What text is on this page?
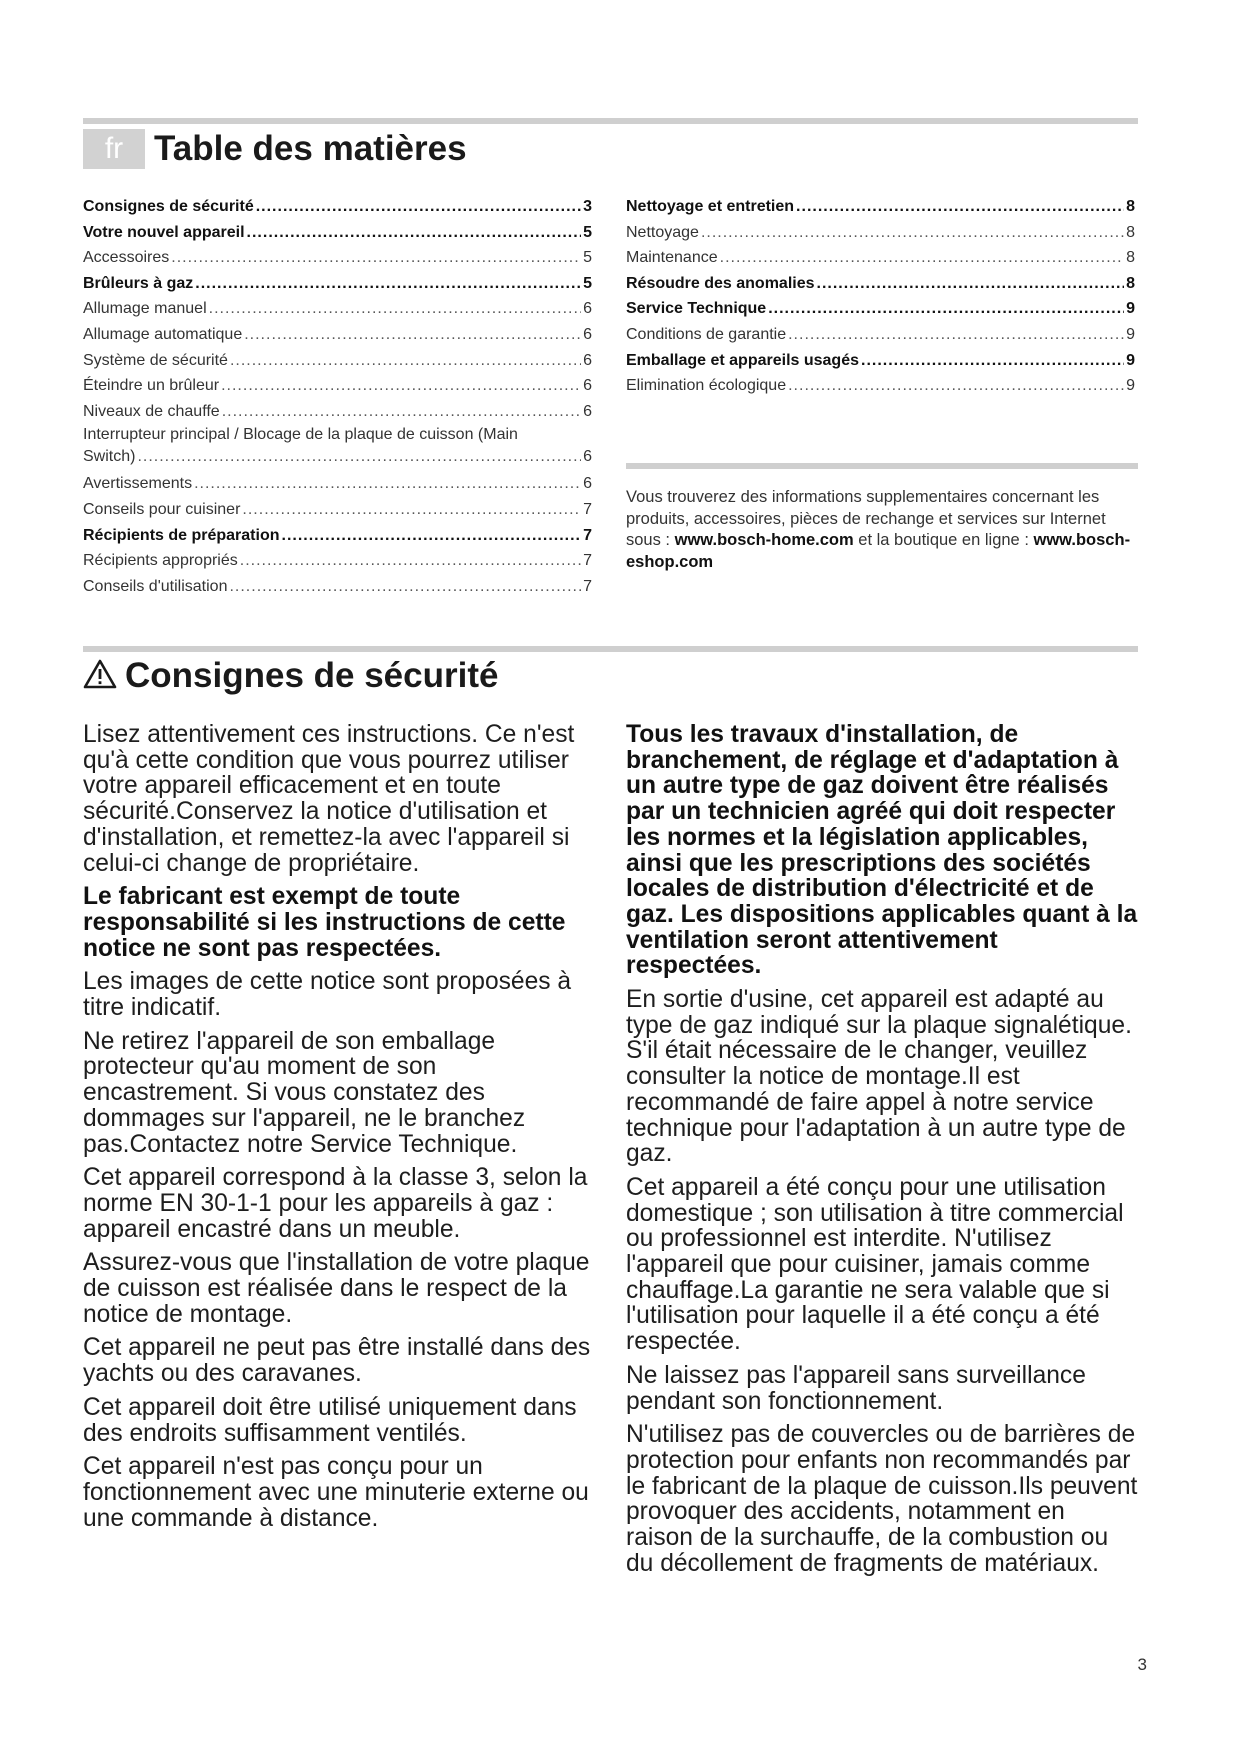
fr Table des matières
Consignes de sécurité .....	3
Votre nouvel appareil .....	5
Accessoires .....	5
Brûleurs à gaz .....	5
Allumage manuel .....	6
Allumage automatique .....	6
Système de sécurité .....	6
Éteindre un brûleur .....	6
Niveaux de chauffe .....	6
Interrupteur principal / Blocage de la plaque de cuisson (Main
Switch) .....	6
Avertissements .....	6
Conseils pour cuisiner .....	7
Récipients de préparation .....	7
Récipients appropriés .....	7
Conseils d'utilisation .....	7
Nettoyage et entretien .....	8
Nettoyage .....	8
Maintenance .....	8
Résoudre des anomalies .....	8
Service Technique .....	9
Conditions de garantie .....	9
Emballage et appareils usagés .....	9
Elimination écologique .....	9
Vous trouverez des informations supplementaires concernant les produits, accessoires, pièces de rechange et services sur Internet sous : www.bosch-home.com et la boutique en ligne : www.bosch-eshop.com
Consignes de sécurité

Lisez attentivement ces instructions. Ce n'est qu'à cette condition que vous pourrez utiliser votre appareil efficacement et en toute sécurité.Conservez la notice d'utilisation et d'installation, et remettez-la avec l'appareil si celui-ci change de propriétaire.

Le fabricant est exempt de toute responsabilité si les instructions de cette notice ne sont pas respectées.

Les images de cette notice sont proposées à titre indicatif.

Ne retirez l'appareil de son emballage protecteur qu'au moment de son encastrement. Si vous constatez des dommages sur l'appareil, ne le branchez pas.Contactez notre Service Technique.

Cet appareil correspond à la classe 3, selon la norme EN 30-1-1 pour les appareils à gaz : appareil encastré dans un meuble.

Assurez-vous que l'installation de votre plaque de cuisson est réalisée dans le respect de la notice de montage.

Cet appareil ne peut pas être installé dans des yachts ou des caravanes.

Cet appareil doit être utilisé uniquement dans des endroits suffisamment ventilés.

Cet appareil n'est pas conçu pour un fonctionnement avec une minuterie externe ou une commande à distance.

Tous les travaux d'installation, de branchement, de réglage et d'adaptation à un autre type de gaz doivent être réalisés par un technicien agréé qui doit respecter les normes et la législation applicables, ainsi que les prescriptions des sociétés locales de distribution d'électricité et de gaz. Les dispositions applicables quant à la ventilation seront attentivement respectées.

En sortie d'usine, cet appareil est adapté au type de gaz indiqué sur la plaque signalétique. S'il était nécessaire de le changer, veuillez consulter la notice de montage.Il est recommandé de faire appel à notre service technique pour l'adaptation à un autre type de gaz.

Cet appareil a été conçu pour une utilisation domestique ; son utilisation à titre commercial ou professionnel est interdite. N'utilisez l'appareil que pour cuisiner, jamais comme chauffage.La garantie ne sera valable que si l'utilisation pour laquelle il a été conçu a été respectée.

Ne laissez pas l'appareil sans surveillance pendant son fonctionnement.

N'utilisez pas de couvercles ou de barrières de protection pour enfants non recommandés par le fabricant de la plaque de cuisson.Ils peuvent provoquer des accidents, notamment en raison de la surchauffe, de la combustion ou du décollement de fragments de matériaux.

3
